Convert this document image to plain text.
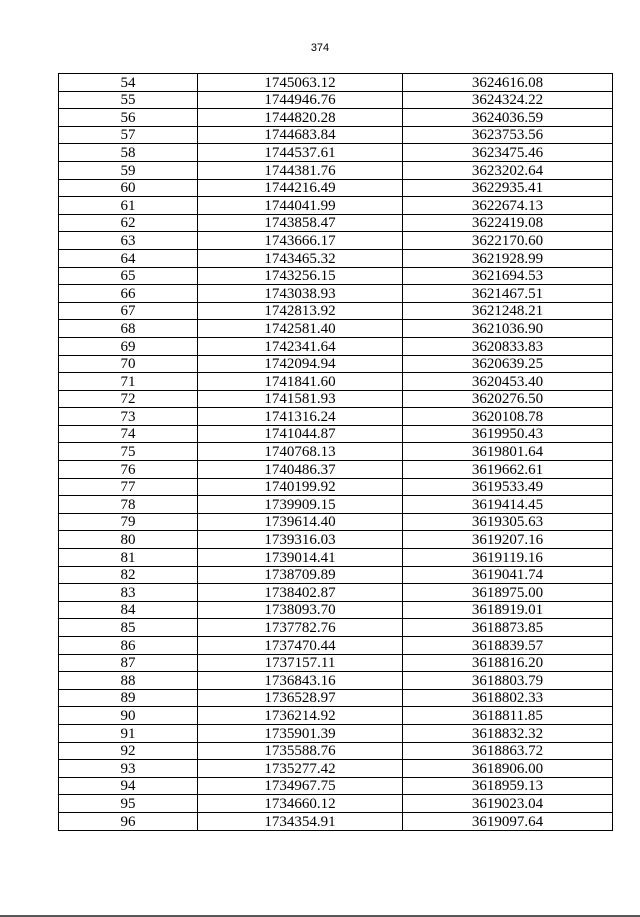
374
54	1745063.12	3624616.08
55	1744946.76	3624324.22
56	1744820.28	3624036.59
57	1744683.84	3623753.56
58	1744537.61	3623475.46
59	1744381.76	3623202.64
60	1744216.49	3622935.41
61	1744041.99	3622674.13
62	1743858.47	3622419.08
63	1743666.17	3622170.60
64	1743465.32	3621928.99
65	1743256.15	3621694.53
66	1743038.93	3621467.51
67	1742813.92	3621248.21
68	1742581.40	3621036.90
69	1742341.64	3620833.83
70	1742094.94	3620639.25
71	1741841.60	3620453.40
72	1741581.93	3620276.50
73	1741316.24	3620108.78
74	1741044.87	3619950.43
75	1740768.13	3619801.64
76	1740486.37	3619662.61
77	1740199.92	3619533.49
78	1739909.15	3619414.45
79	1739614.40	3619305.63
80	1739316.03	3619207.16
81	1739014.41	3619119.16
82	1738709.89	3619041.74
83	1738402.87	3618975.00
84	1738093.70	3618919.01
85	1737782.76	3618873.85
86	1737470.44	3618839.57
87	1737157.11	3618816.20
88	1736843.16	3618803.79
89	1736528.97	3618802.33
90	1736214.92	3618811.85
91	1735901.39	3618832.32
92	1735588.76	3618863.72
93	1735277.42	3618906.00
94	1734967.75	3618959.13
95	1734660.12	3619023.04
96	1734354.91	3619097.64
